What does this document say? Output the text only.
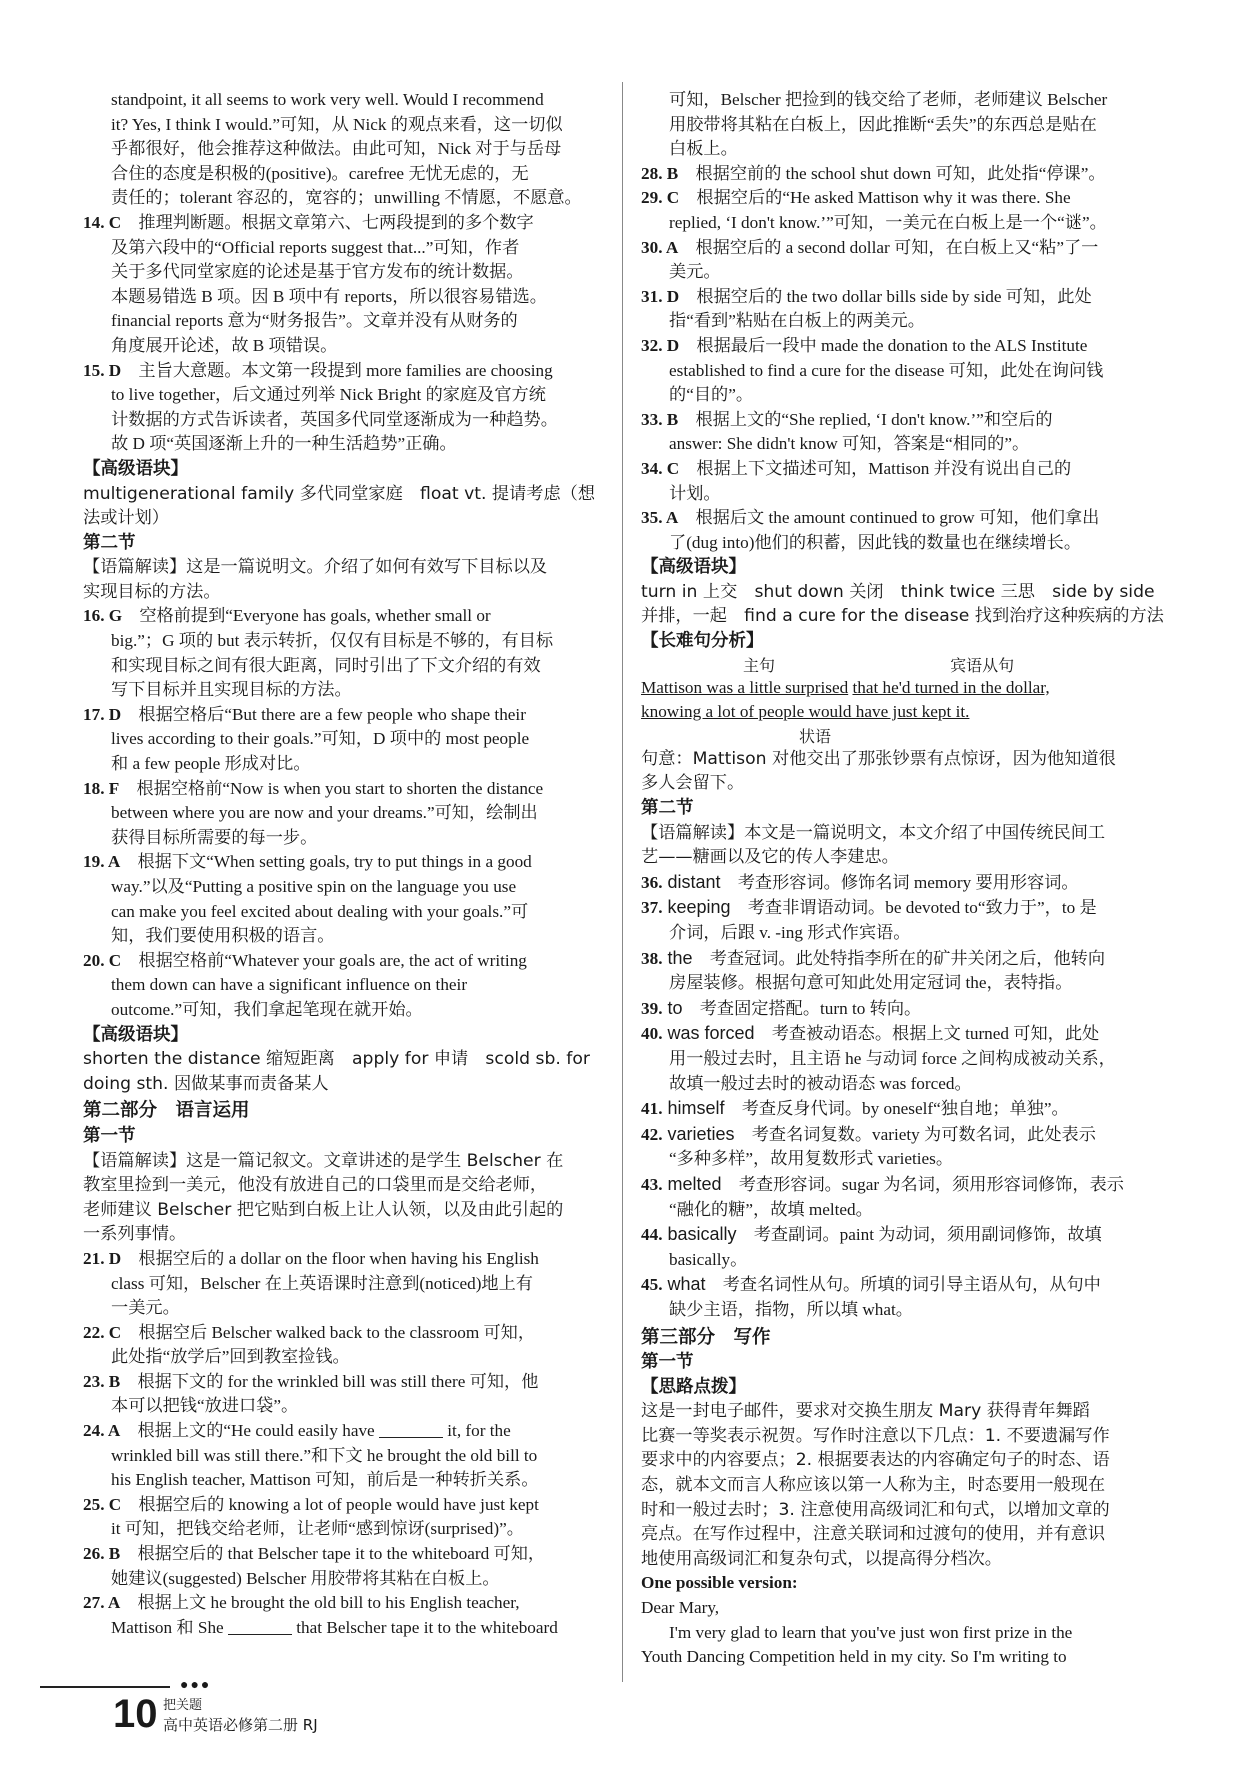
standpoint, it all seems to work very well. Would I recommend
it? Yes, I think I would.”可知，从 Nick 的观点来看，这一切似
乎都很好，他会推荐这种做法。由此可知，Nick 对于与岳母
合住的态度是积极的(positive)。carefree 无忧无虑的，无
责任的；tolerant 容忍的，宽容的；unwilling 不情愿，不愿意。
14. C　推理判断题。根据文章第六、七两段提到的多个数字
及第六段中的“Official reports suggest that...”可知，作者
关于多代同堂家庭的论述是基于官方发布的统计数据。
本题易错选 B 项。因 B 项中有 reports，所以很容易错选。
financial reports 意为“财务报告”。文章并没有从财务的
角度展开论述，故 B 项错误。
15. D　主旨大意题。本文第一段提到 more families are choosing
to live together，后文通过列举 Nick Bright 的家庭及官方统
计数据的方式告诉读者，英国多代同堂逐渐成为一种趋势。
故 D 项“英国逐渐上升的一种生活趋势”正确。
【高级语块】
multigenerational family 多代同堂家庭　float vt. 提请考虑（想
法或计划）
第二节
【语篇解读】这是一篇说明文。介绍了如何有效写下目标以及
实现目标的方法。
16. G　空格前提到“Everyone has goals, whether small or
big.”；G 项的 but 表示转折，仅仅有目标是不够的，有目标
和实现目标之间有很大距离，同时引出了下文介绍的有效
写下目标并且实现目标的方法。
17. D　根据空格后“But there are a few people who shape their
lives according to their goals.”可知，D 项中的 most people
和 a few people 形成对比。
18. F　根据空格前“Now is when you start to shorten the distance
between where you are now and your dreams.”可知，绘制出
获得目标所需要的每一步。
19. A　根据下文“When setting goals, try to put things in a good
way.”以及“Putting a positive spin on the language you use
can make you feel excited about dealing with your goals.”可
知，我们要使用积极的语言。
20. C　根据空格前“Whatever your goals are, the act of writing
them down can have a significant influence on their
outcome.”可知，我们拿起笔现在就开始。
【高级语块】
shorten the distance 缩短距离　apply for 申请　scold sb. for
doing sth. 因做某事而责备某人
第二部分　语言运用
第一节
【语篇解读】这是一篇记叙文。文章讲述的是学生 Belscher 在
教室里捡到一美元，他没有放进自己的口袋里而是交给老师，
老师建议 Belscher 把它贴到白板上让人认领，以及由此引起的
一系列事情。
21. D　根据空后的 a dollar on the floor when having his English
class 可知，Belscher 在上英语课时注意到(noticed)地上有
一美元。
22. C　根据空后 Belscher walked back to the classroom 可知，
此处指“放学后”回到教室捡钱。
23. B　根据下文的 for the wrinkled bill was still there 可知，他
本可以把钱“放进口袋”。
24. A　 根据上文的“He could easily have	it, for the
wrinkled bill was still there.”和下文 he brought the old bill to
his English teacher, Mattison 可知，前后是一种转折关系。
25. C　根据空后的 knowing a lot of people would have just kept
it 可知，把钱交给老师，让老师“感到惊讶(surprised)”。
26. B　根据空后的 that Belscher tape it to the whiteboard 可知，
她建议(suggested) Belscher 用胶带将其粘在白板上。
27. A　 根据上文 he brought the old bill to his English teacher,
Mattison 和 She	that Belscher tape it to the whiteboard
可知，Belscher 把捡到的钱交给了老师，老师建议 Belscher
用胶带将其粘在白板上，因此推断“丢失”的东西总是贴在
白板上。
28. B　根据空前的 the school shut down 可知，此处指“停课”。
29. C　根据空后的“He asked Mattison why it was there. She
replied, ‘I don't know.’”可知，一美元在白板上是一个“谜”。
30. A　根据空后的 a second dollar 可知，在白板上又“粘”了一
美元。
31. D　根据空后的 the two dollar bills side by side 可知，此处
指“看到”粘贴在白板上的两美元。
32. D　根据最后一段中 made the donation to the ALS Institute
established to find a cure for the disease 可知，此处在询问钱
的“目的”。
33. B　根据上文的“She replied, ‘I don't know.’”和空后的
answer: She didn't know 可知，答案是“相同的”。
34. C　根据上下文描述可知，Mattison 并没有说出自己的
计划。
35. A　根据后文 the amount continued to grow 可知，他们拿出
了(dug into)他们的积蓄，因此钱的数量也在继续增长。
【高级语块】
turn in 上交　shut down 关闭　think twice 三思　side by side
并排，一起　find a cure for the disease 找到治疗这种疾病的方法
【长难句分析】
主句	宾语从句
Mattison was a little surprised that he'd turned in the dollar,
knowing a lot of people would have just kept it.
状语
句意：Mattison 对他交出了那张钞票有点惊讶，因为他知道很
多人会留下。
第二节
【语篇解读】本文是一篇说明文，本文介绍了中国传统民间工
艺——糖画以及它的传人李建忠。
36. distant　考查形容词。修饰名词 memory 要用形容词。
37. keeping　考查非谓语动词。be devoted to“致力于”，to 是
介词，后跟 v. -ing 形式作宾语。
38. the　考查冠词。此处特指李所在的矿井关闭之后，他转向
房屋装修。根据句意可知此处用定冠词 the，表特指。
39. to　考查固定搭配。turn to 转向。
40. was forced　考查被动语态。根据上文 turned 可知，此处
用一般过去时，且主语 he 与动词 force 之间构成被动关系，
故填一般过去时的被动语态 was forced。
41. himself　考查反身代词。by oneself“独自地；单独”。
42. varieties　考查名词复数。variety 为可数名词，此处表示
“多种多样”，故用复数形式 varieties。
43. melted　考查形容词。sugar 为名词，须用形容词修饰，表示
“融化的糖”，故填 melted。
44. basically　考查副词。paint 为动词，须用副词修饰，故填
basically。
45. what　考查名词性从句。所填的词引导主语从句，从句中
缺少主语，指物，所以填 what。
第三部分　写作
第一节
【思路点拨】
这是一封电子邮件，要求对交换生朋友 Mary 获得青年舞蹈
比赛一等奖表示祝贺。写作时注意以下几点：1. 不要遗漏写作
要求中的内容要点；2. 根据要表达的内容确定句子的时态、语
态，就本文而言人称应该以第一人称为主，时态要用一般现在
时和一般过去时；3. 注意使用高级词汇和句式，以增加文章的
亮点。在写作过程中，注意关联词和过渡句的使用，并有意识
地使用高级词汇和复杂句式，以提高得分档次。
One possible version:
Dear Mary,
I'm very glad to learn that you've just won first prize in the
Youth Dancing Competition held in my city. So I'm writing to
●●●
10 把关题
高中英语必修第二册 RJ
